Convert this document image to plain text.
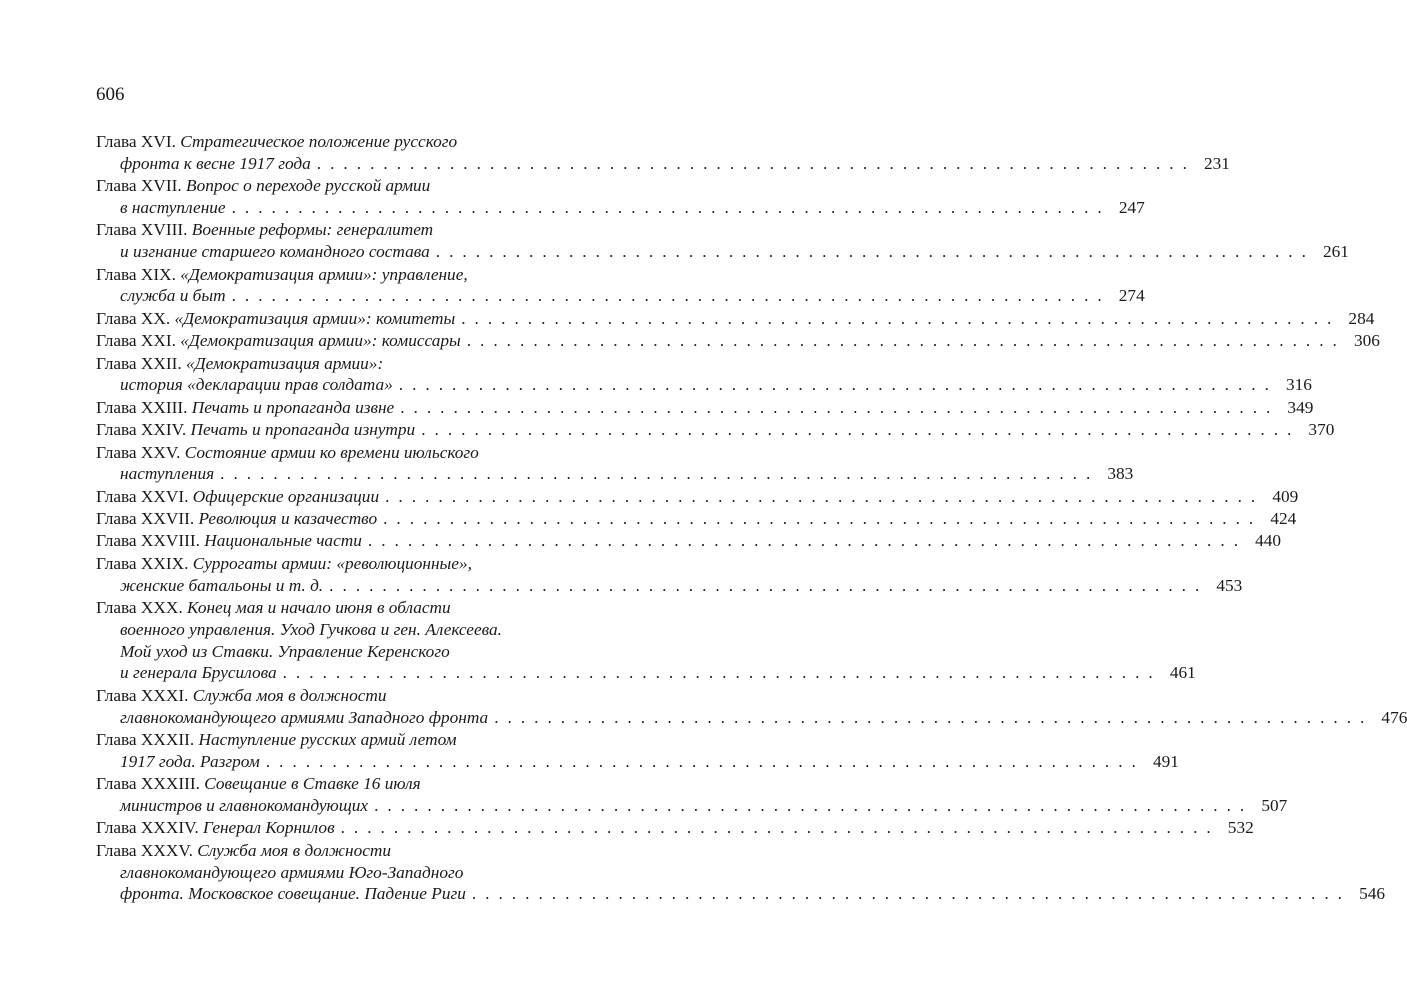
606
Глава XVI. Стратегическое положение русского
фронта к весне 1917 года .................................................................. 231
Глава XVII. Вопрос о переходе русской армии
в наступление .................................................................. 247
Глава XVIII. Военные реформы: генералитет
и изгнание старшего командного состава .................................................................. 261
Глава XIX. «Демократизация армии»: управление,
служба и быт .................................................................. 274
Глава XX. «Демократизация армии»: комитеты .................................................................. 284
Глава XXI. «Демократизация армии»: комиссары .................................................................. 306
Глава XXII. «Демократизация армии»:
история «декларации прав солдата» .................................................................. 316
Глава XXIII. Печать и пропаганда извне .................................................................. 349
Глава XXIV. Печать и пропаганда изнутри .................................................................. 370
Глава XXV. Состояние армии ко времени июльского
наступления .................................................................. 383
Глава XXVI. Офицерские организации .................................................................. 409
Глава XXVII. Революция и казачество .................................................................. 424
Глава XXVIII. Национальные части .................................................................. 440
Глава XXIX. Суррогаты армии: «революционные»,
женские батальоны и т. д. .................................................................. 453
Глава XXX. Конец мая и начало июня в области
военного управления. Уход Гучкова и ген. Алексеева.
Мой уход из Ставки. Управление Керенского
и генерала Брусилова .................................................................. 461
Глава XXXI. Служба моя в должности
главнокомандующего армиями Западного фронта .................................................................. 476
Глава XXXII. Наступление русских армий летом
1917 года. Разгром .................................................................. 491
Глава XXXIII. Совещание в Ставке 16 июля
министров и главнокомандующих .................................................................. 507
Глава XXXIV. Генерал Корнилов .................................................................. 532
Глава XXXV. Служба моя в должности
главнокомандующего армиями Юго-Западного
фронта. Московское совещание. Падение Риги .................................................................. 546
